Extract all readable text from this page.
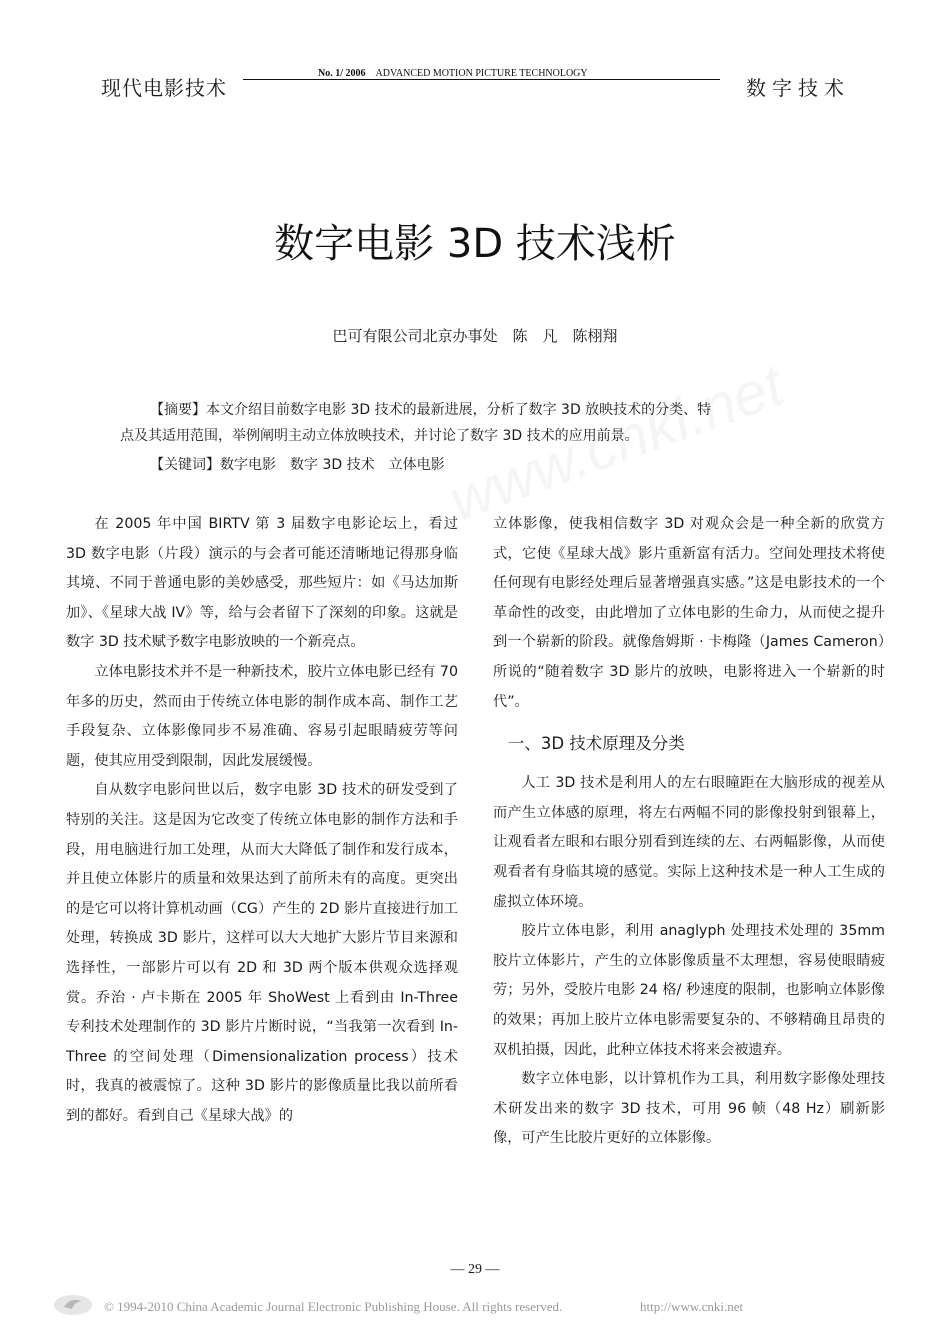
现代电影技术
No. 1/ 2006 ADVANCED MOTION PICTURE TECHNOLOGY
数字技术
数字电影 3D 技术浅析
巴可有限公司北京办事处　陈　凡　陈栩翔
【摘要】本文介绍目前数字电影 3D 技术的最新进展，分析了数字 3D 放映技术的分类、特
点及其适用范围，举例阐明主动立体放映技术，并讨论了数字 3D 技术的应用前景。
【关键词】数字电影　数字 3D 技术　立体电影

在 2005 年中国 BIRTV 第 3 届数字电影论坛上，看过 3D 数字电影（片段）演示的与会者可能还清晰地记得那身临其境、不同于普通电影的美妙感受，那些短片：如《马达加斯加》、《星球大战 IV》等，给与会者留下了深刻的印象。这就是数字 3D 技术赋予数字电影放映的一个新亮点。

立体电影技术并不是一种新技术，胶片立体电影已经有 70 年多的历史，然而由于传统立体电影的制作成本高、制作工艺手段复杂、立体影像同步不易准确、容易引起眼睛疲劳等问题，使其应用受到限制，因此发展缓慢。

自从数字电影问世以后，数字电影 3D 技术的研发受到了特别的关注。这是因为它改变了传统立体电影的制作方法和手段，用电脑进行加工处理，从而大大降低了制作和发行成本，并且使立体影片的质量和效果达到了前所未有的高度。更突出的是它可以将计算机动画（CG）产生的 2D 影片直接进行加工处理，转换成 3D 影片，这样可以大大地扩大影片节目来源和选择性，一部影片可以有 2D 和 3D 两个版本供观众选择观赏。乔治 · 卢卡斯在 2005 年 ShoWest 上看到由 In-Three 专利技术处理制作的 3D 影片片断时说，“当我第一次看到 In-Three 的空间处理（Dimensionalization process）技术时，我真的被震惊了。这种 3D 影片的影像质量比我以前所看到的都好。看到自己《星球大战》的

立体影像，使我相信数字 3D 对观众会是一种全新的欣赏方式，它使《星球大战》影片重新富有活力。空间处理技术将使任何现有电影经处理后显著增强真实感。”这是电影技术的一个革命性的改变，由此增加了立体电影的生命力，从而使之提升到一个崭新的阶段。就像詹姆斯 · 卡梅隆（James Cameron）所说的“随着数字 3D 影片的放映，电影将进入一个崭新的时代”。

一、3D 技术原理及分类

人工 3D 技术是利用人的左右眼瞳距在大脑形成的视差从而产生立体感的原理，将左右两幅不同的影像投射到银幕上，让观看者左眼和右眼分别看到连续的左、右两幅影像，从而使观看者有身临其境的感觉。实际上这种技术是一种人工生成的虚拟立体环境。

胶片立体电影，利用 anaglyph 处理技术处理的 35mm 胶片立体影片，产生的立体影像质量不太理想，容易使眼睛疲劳；另外，受胶片电影 24 格/ 秒速度的限制，也影响立体影像的效果；再加上胶片立体电影需要复杂的、不够精确且昂贵的双机拍摄，因此，此种立体技术将来会被遗弃。

数字立体电影，以计算机作为工具，利用数字影像处理技术研发出来的数字 3D 技术，可用 96 帧（48 Hz）刷新影像，可产生比胶片更好的立体影像。

— 29 —
© 1994-2010 China Academic Journal Electronic Publishing House. All rights reserved.	http://www.cnki.net
